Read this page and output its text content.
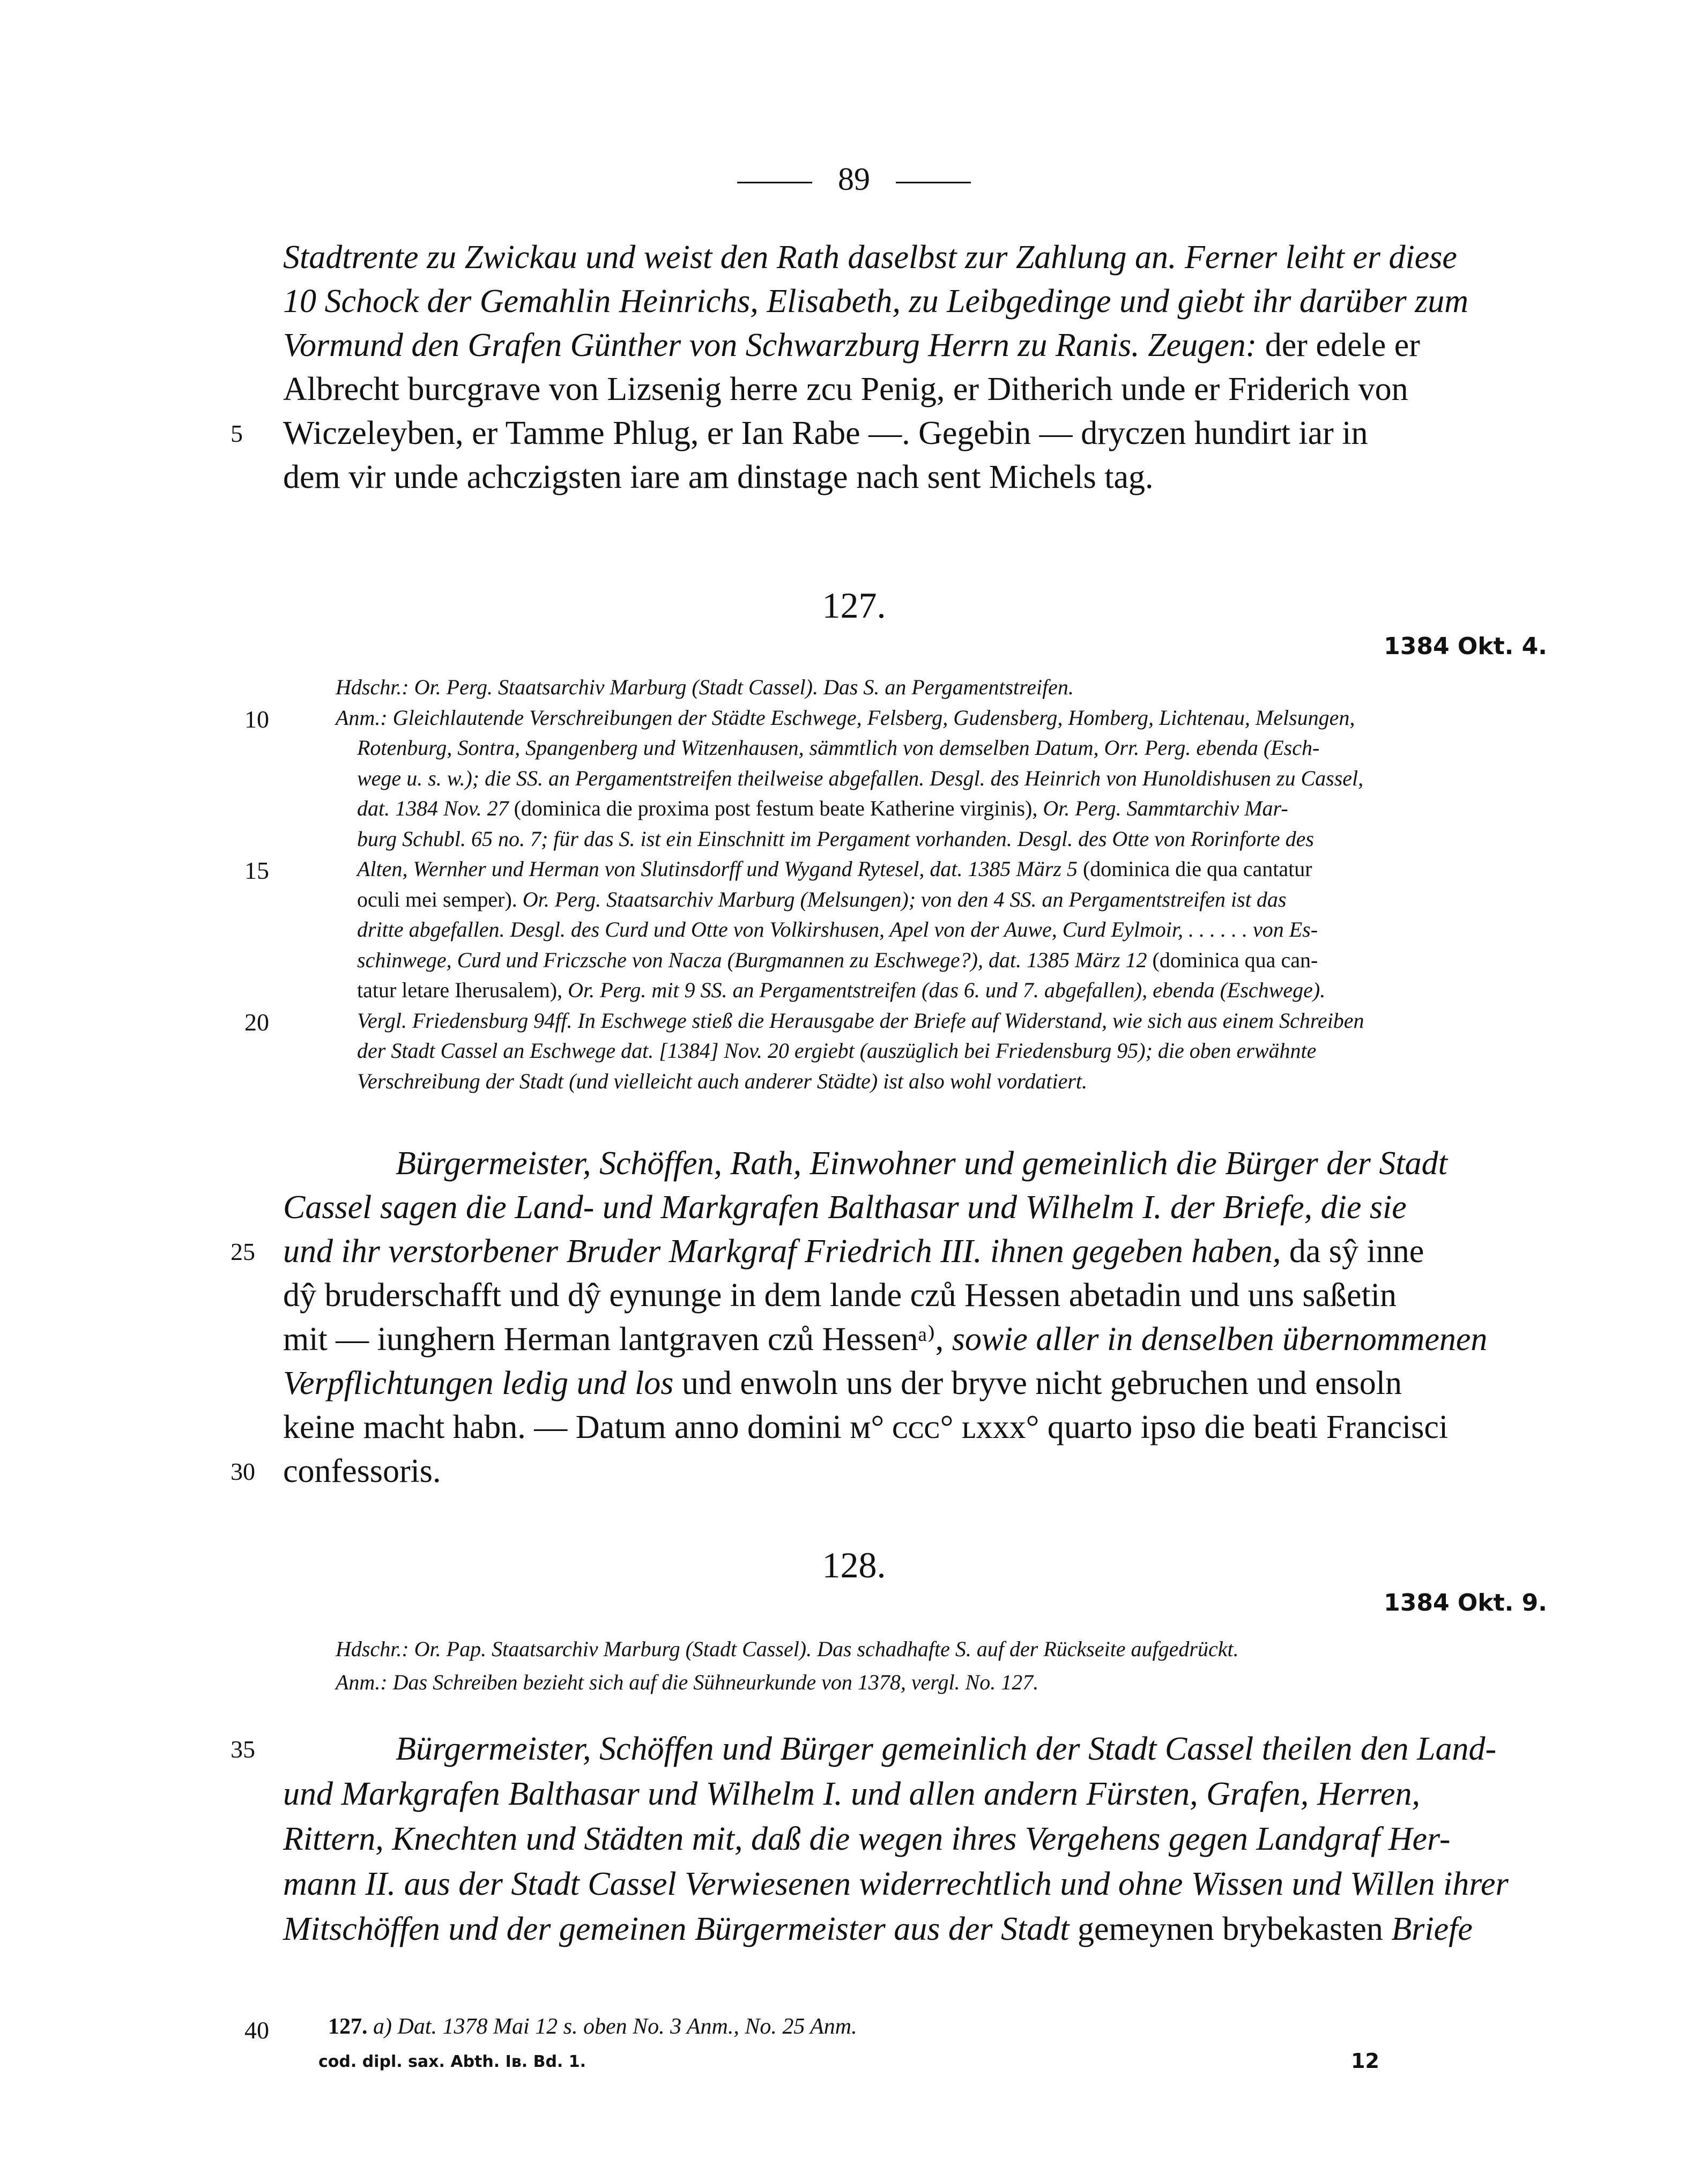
89
Stadtrente zu Zwickau und weist den Rath daselbst zur Zahlung an. Ferner leiht er diese
10 Schock der Gemahlin Heinrichs, Elisabeth, zu Leibgedinge und giebt ihr darüber zum
Vormund den Grafen Günther von Schwarzburg Herrn zu Ranis. Zeugen: der edele er
Albrecht burcgrave von Lizsenig herre zcu Penig, er Ditherich unde er Friderich von
Wiczeleyben, er Tamme Phlug, er Ian Rabe —. Gegebin — dryczen hundirt iar in
5
dem vir unde achczigsten iare am dinstage nach sent Michels tag.
127.
1384 Okt. 4.
Hdschr.: Or. Perg. Staatsarchiv Marburg (Stadt Cassel). Das S. an Pergamentstreifen.
Anm.: Gleichlautende Verschreibungen der Städte Eschwege, Felsberg, Gudensberg, Homberg, Lichtenau, Melsungen,
10
Rotenburg, Sontra, Spangenberg und Witzenhausen, sämmtlich von demselben Datum, Orr. Perg. ebenda (Esch-
wege u. s. w.); die SS. an Pergamentstreifen theilweise abgefallen. Desgl. des Heinrich von Hunoldishusen zu Cassel,
dat. 1384 Nov. 27 (dominica die proxima post festum beate Katherine virginis), Or. Perg. Sammtarchiv Mar-
burg Schubl. 65 no. 7; für das S. ist ein Einschnitt im Pergament vorhanden. Desgl. des Otte von Rorinforte des
Alten, Wernher und Herman von Slutinsdorff und Wygand Rytesel, dat. 1385 März 5 (dominica die qua cantatur
15
oculi mei semper). Or. Perg. Staatsarchiv Marburg (Melsungen); von den 4 SS. an Pergamentstreifen ist das
dritte abgefallen. Desgl. des Curd und Otte von Volkirshusen, Apel von der Auwe, Curd Eylmoir, . . . . . . von Es-
schinwege, Curd und Friczsche von Nacza (Burgmannen zu Eschwege?), dat. 1385 März 12 (dominica qua can-
tatur letare Iherusalem), Or. Perg. mit 9 SS. an Pergamentstreifen (das 6. und 7. abgefallen), ebenda (Eschwege).
Vergl. Friedensburg 94ff. In Eschwege stieß die Herausgabe der Briefe auf Widerstand, wie sich aus einem Schreiben
20
der Stadt Cassel an Eschwege dat. [1384] Nov. 20 ergiebt (auszüglich bei Friedensburg 95); die oben erwähnte
Verschreibung der Stadt (und vielleicht auch anderer Städte) ist also wohl vordatiert.
Bürgermeister, Schöffen, Rath, Einwohner und gemeinlich die Bürger der Stadt
Cassel sagen die Land- und Markgrafen Balthasar und Wilhelm I. der Briefe, die sie
und ihr verstorbener Bruder Markgraf Friedrich III. ihnen gegeben haben, da sŷ inne
25
dŷ bruderschafft und dŷ eynunge in dem lande czů Hessen abetadin und uns saßetin
mit — iunghern Herman lantgraven czů Hessenᵃ⁾, sowie aller in denselben übernommenen
Verpflichtungen ledig und los und enwoln uns der bryve nicht gebruchen und ensoln
keine macht habn. — Datum anno domini ᴍ° ᴄᴄᴄ° ʟxxx° quarto ipso die beati Francisci
confessoris.
30
128.
1384 Okt. 9.
Hdschr.: Or. Pap. Staatsarchiv Marburg (Stadt Cassel). Das schadhafte S. auf der Rückseite aufgedrückt.
Anm.: Das Schreiben bezieht sich auf die Sühneurkunde von 1378, vergl. No. 127.
Bürgermeister, Schöffen und Bürger gemeinlich der Stadt Cassel theilen den Land-
35
und Markgrafen Balthasar und Wilhelm I. und allen andern Fürsten, Grafen, Herren,
Rittern, Knechten und Städten mit, daß die wegen ihres Vergehens gegen Landgraf Her-
mann II. aus der Stadt Cassel Verwiesenen widerrechtlich und ohne Wissen und Willen ihrer
Mitschöffen und der gemeinen Bürgermeister aus der Stadt gemeynen brybekasten Briefe
40	127. a) Dat. 1378 Mai 12 s. oben No. 3 Anm., No. 25 Anm.
cod. dipl. sax. Abth. Iʙ. Bd. 1.	12
